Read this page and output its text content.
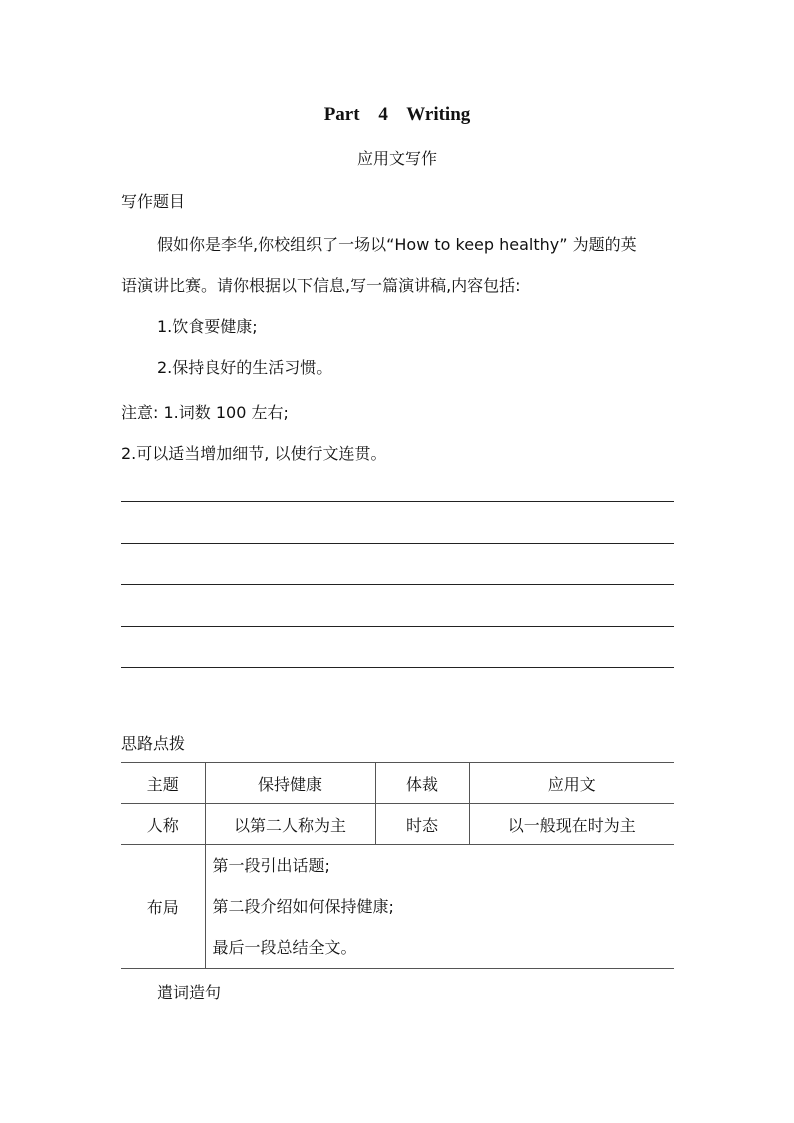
Part 4 Writing
应用文写作
写作题目
假如你是李华,你校组织了一场以“How to keep healthy” 为题的英
语演讲比赛。请你根据以下信息,写一篇演讲稿,内容包括:
1.饮食要健康;
2.保持良好的生活习惯。
注意: 1.词数 100 左右;
2.可以适当增加细节, 以使行文连贯。
思路点拨
主题	保持健康	体裁	应用文
人称	以第二人称为主	时态	以一般现在时为主
布局	第一段引出话题;
第二段介绍如何保持健康;
最后一段总结全文。		
遣词造句
